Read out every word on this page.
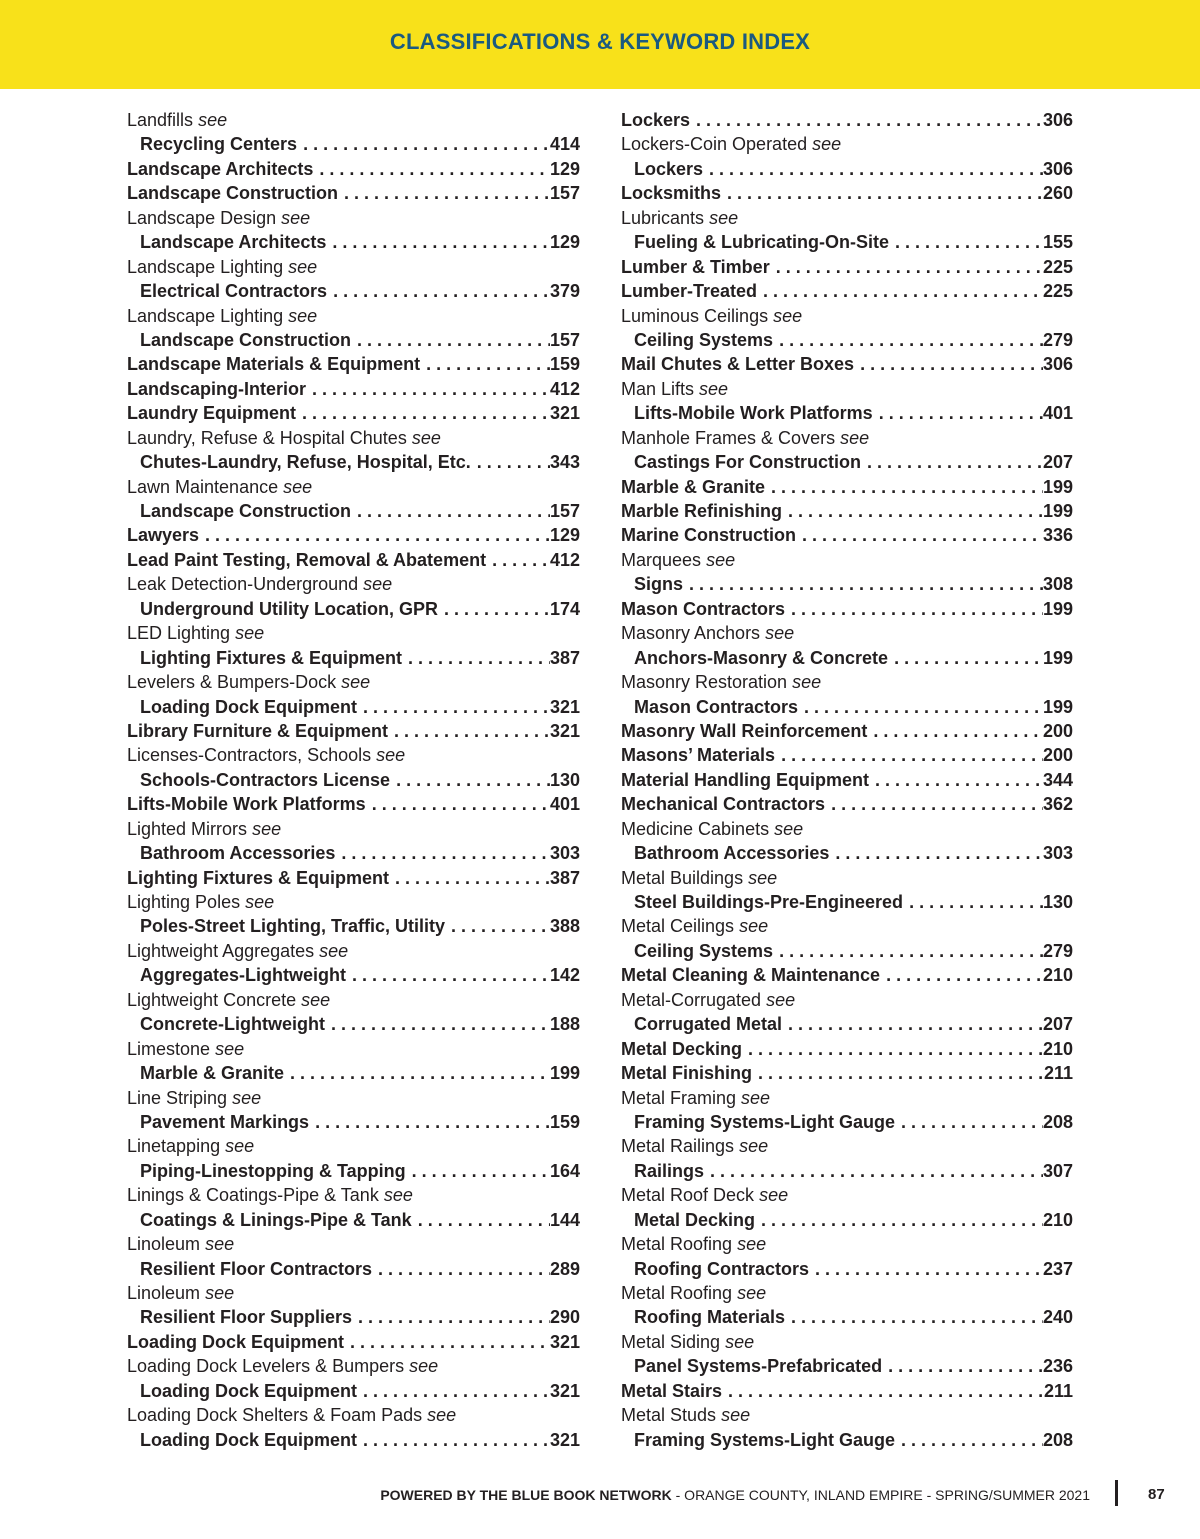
CLASSIFICATIONS & KEYWORD INDEX
Landfills see
Recycling Centers . . .	414
Landscape Architects . . .	129
Landscape Construction . . .	157
Landscape Design see
Landscape Architects . . .	129
Landscape Lighting see
Electrical Contractors . . .	379
Landscape Lighting see
Landscape Construction . . .	157
Landscape Materials & Equipment . . .	159
Landscaping-Interior . . .	412
Laundry Equipment . . .	321
Laundry, Refuse & Hospital Chutes see
Chutes-Laundry, Refuse, Hospital, Etc. . . .	343
Lawn Maintenance see
Landscape Construction . . .	157
Lawyers . . .	129
Lead Paint Testing, Removal & Abatement . . .	412
Leak Detection-Underground see
Underground Utility Location, GPR . . .	174
LED Lighting see
Lighting Fixtures & Equipment . . .	387
Levelers & Bumpers-Dock see
Loading Dock Equipment . . .	321
Library Furniture & Equipment . . .	321
Licenses-Contractors, Schools see
Schools-Contractors License . . .	130
Lifts-Mobile Work Platforms . . .	401
Lighted Mirrors see
Bathroom Accessories . . .	303
Lighting Fixtures & Equipment . . .	387
Lighting Poles see
Poles-Street Lighting, Traffic, Utility . . .	388
Lightweight Aggregates see
Aggregates-Lightweight . . .	142
Lightweight Concrete see
Concrete-Lightweight . . .	188
Limestone see
Marble & Granite . . .	199
Line Striping see
Pavement Markings . . .	159
Linetapping see
Piping-Linestopping & Tapping . . .	164
Linings & Coatings-Pipe & Tank see
Coatings & Linings-Pipe & Tank . . .	144
Linoleum see
Resilient Floor Contractors . . .	289
Linoleum see
Resilient Floor Suppliers . . .	290
Loading Dock Equipment . . .	321
Loading Dock Levelers & Bumpers see
Loading Dock Equipment . . .	321
Loading Dock Shelters & Foam Pads see
Loading Dock Equipment . . .	321
Lockers . . .	306
Lockers-Coin Operated see
Lockers . . .	306
Locksmiths . . .	260
Lubricants see
Fueling & Lubricating-On-Site . . .	155
Lumber & Timber . . .	225
Lumber-Treated . . .	225
Luminous Ceilings see
Ceiling Systems . . .	279
Mail Chutes & Letter Boxes . . .	306
Man Lifts see
Lifts-Mobile Work Platforms . . .	401
Manhole Frames & Covers see
Castings For Construction . . .	207
Marble & Granite . . .	199
Marble Refinishing . . .	199
Marine Construction . . .	336
Marquees see
Signs . . .	308
Mason Contractors . . .	199
Masonry Anchors see
Anchors-Masonry & Concrete . . .	199
Masonry Restoration see
Mason Contractors . . .	199
Masonry Wall Reinforcement . . .	200
Masons’ Materials . . .	200
Material Handling Equipment . . .	344
Mechanical Contractors . . .	362
Medicine Cabinets see
Bathroom Accessories . . .	303
Metal Buildings see
Steel Buildings-Pre-Engineered . . .	130
Metal Ceilings see
Ceiling Systems . . .	279
Metal Cleaning & Maintenance . . .	210
Metal-Corrugated see
Corrugated Metal . . .	207
Metal Decking . . .	210
Metal Finishing . . .	211
Metal Framing see
Framing Systems-Light Gauge . . .	208
Metal Railings see
Railings . . .	307
Metal Roof Deck see
Metal Decking . . .	210
Metal Roofing see
Roofing Contractors . . .	237
Metal Roofing see
Roofing Materials . . .	240
Metal Siding see
Panel Systems-Prefabricated . . .	236
Metal Stairs . . .	211
Metal Studs see
Framing Systems-Light Gauge . . .	208
POWERED BY THE BLUE BOOK NETWORK - ORANGE COUNTY, INLAND EMPIRE - SPRING/SUMMER 2021	87
